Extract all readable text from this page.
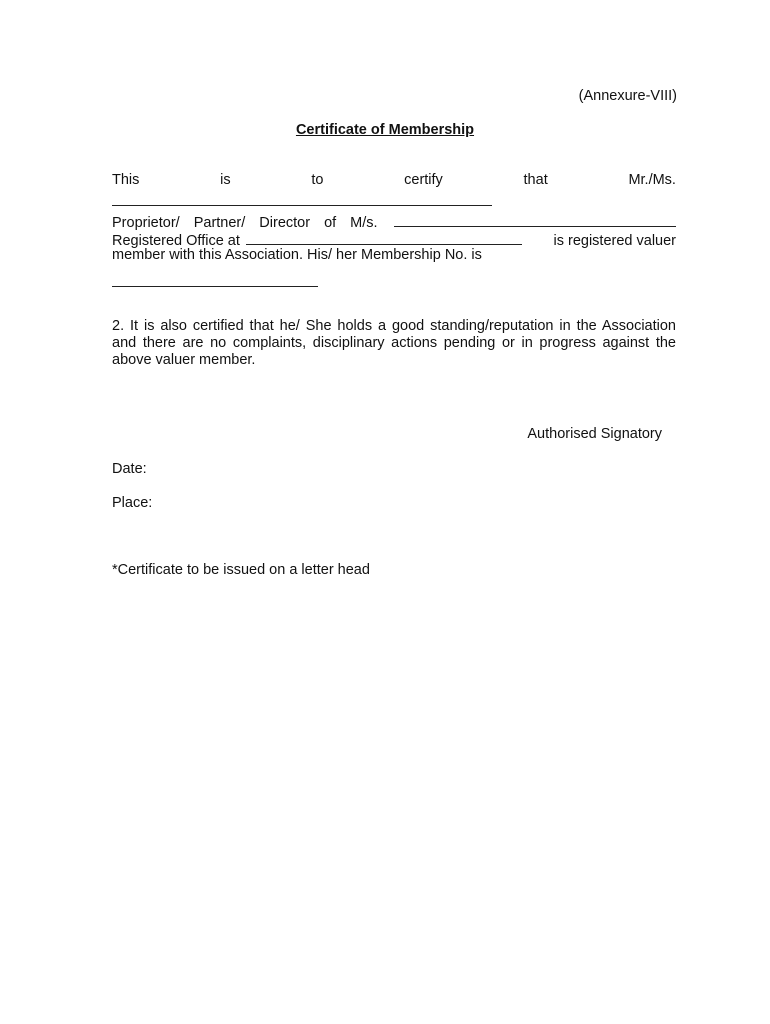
(Annexure-VIII)
Certificate of Membership
This	is	to	certify	that	Mr./Ms.
Proprietor/ Partner/ Director of M/s.
Registered Office at	is registered valuer
member with this Association. His/ her Membership No. is
2. It is also certified that he/ She holds a good standing/reputation in the Association and there are no complaints, disciplinary actions pending or in progress against the above valuer member.
Authorised Signatory
Date:
Place:
*Certificate to be issued on a letter head
